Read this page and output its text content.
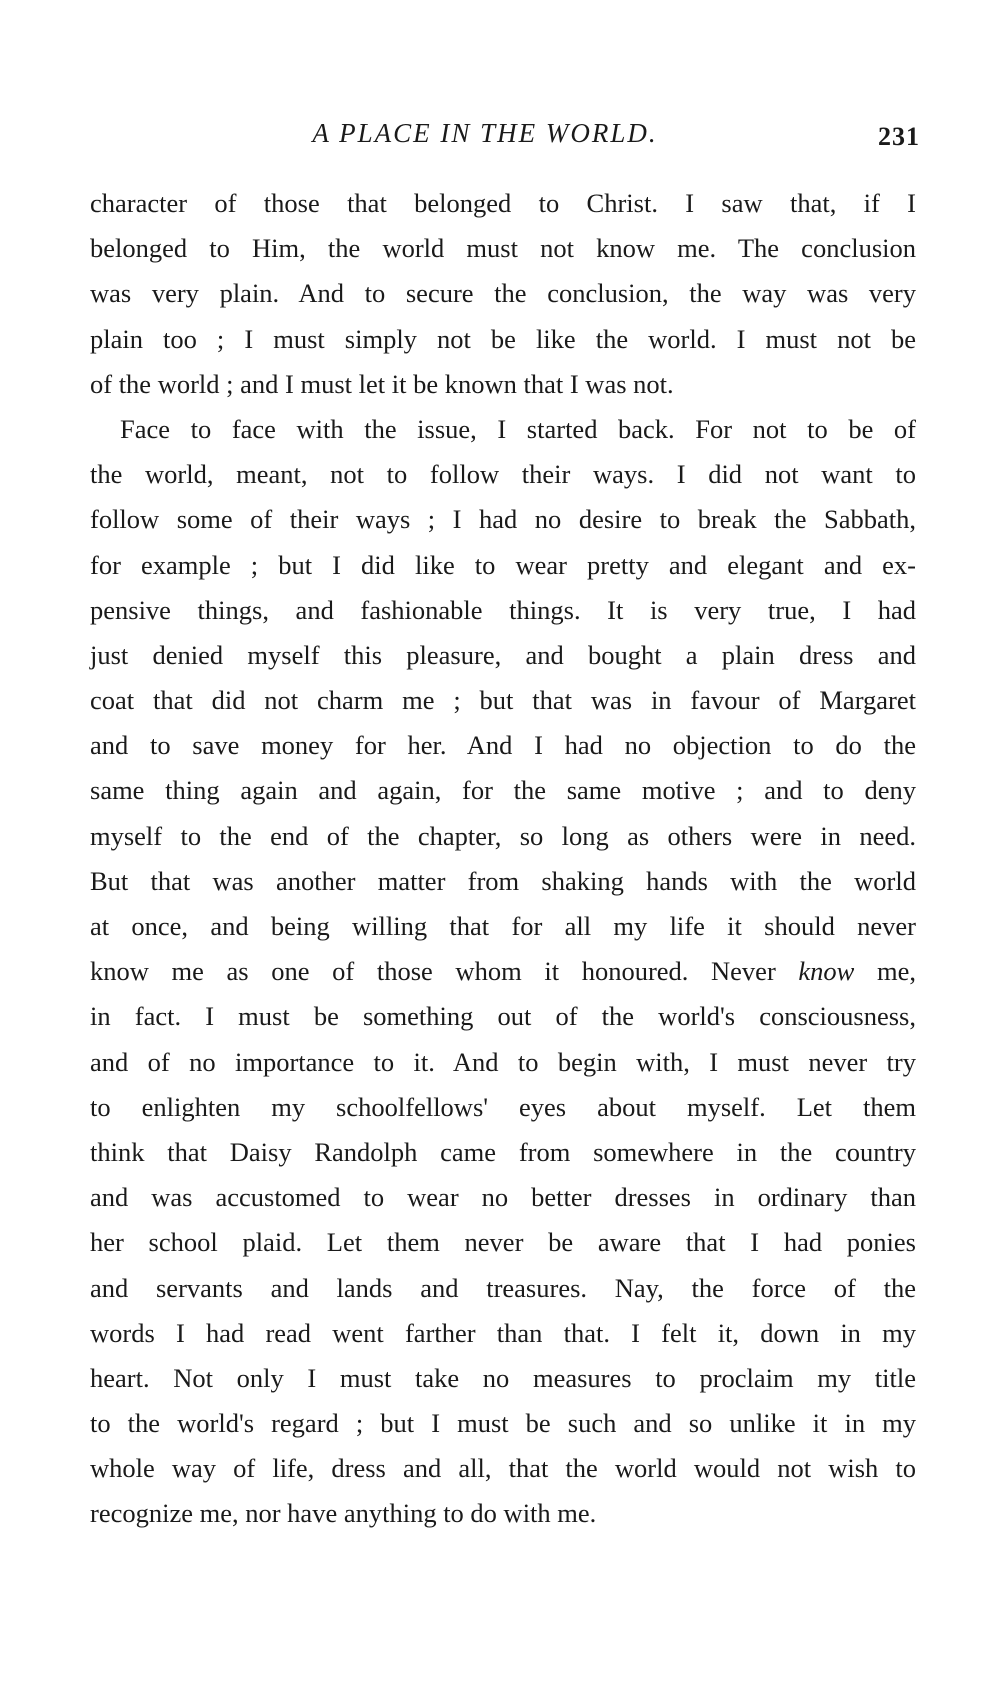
A PLACE IN THE WORLD.	231
character of those that belonged to Christ. I saw that, if I
belonged to Him, the world must not know me. The conclusion
was very plain. And to secure the conclusion, the way was very
plain too ; I must simply not be like the world. I must not be
of the world ; and I must let it be known that I was not.
Face to face with the issue, I started back. For not to be of
the world, meant, not to follow their ways. I did not want to
follow some of their ways ; I had no desire to break the Sabbath,
for example ; but I did like to wear pretty and elegant and ex-
pensive things, and fashionable things. It is very true, I had
just denied myself this pleasure, and bought a plain dress and
coat that did not charm me ; but that was in favour of Margaret
and to save money for her. And I had no objection to do the
same thing again and again, for the same motive ; and to deny
myself to the end of the chapter, so long as others were in need.
But that was another matter from shaking hands with the world
at once, and being willing that for all my life it should never
know me as one of those whom it honoured. Never know me,
in fact. I must be something out of the world's consciousness,
and of no importance to it. And to begin with, I must never try
to enlighten my schoolfellows' eyes about myself. Let them
think that Daisy Randolph came from somewhere in the country
and was accustomed to wear no better dresses in ordinary than
her school plaid. Let them never be aware that I had ponies
and servants and lands and treasures. Nay, the force of the
words I had read went farther than that. I felt it, down in my
heart. Not only I must take no measures to proclaim my title
to the world's regard ; but I must be such and so unlike it in my
whole way of life, dress and all, that the world would not wish to
recognize me, nor have anything to do with me.
